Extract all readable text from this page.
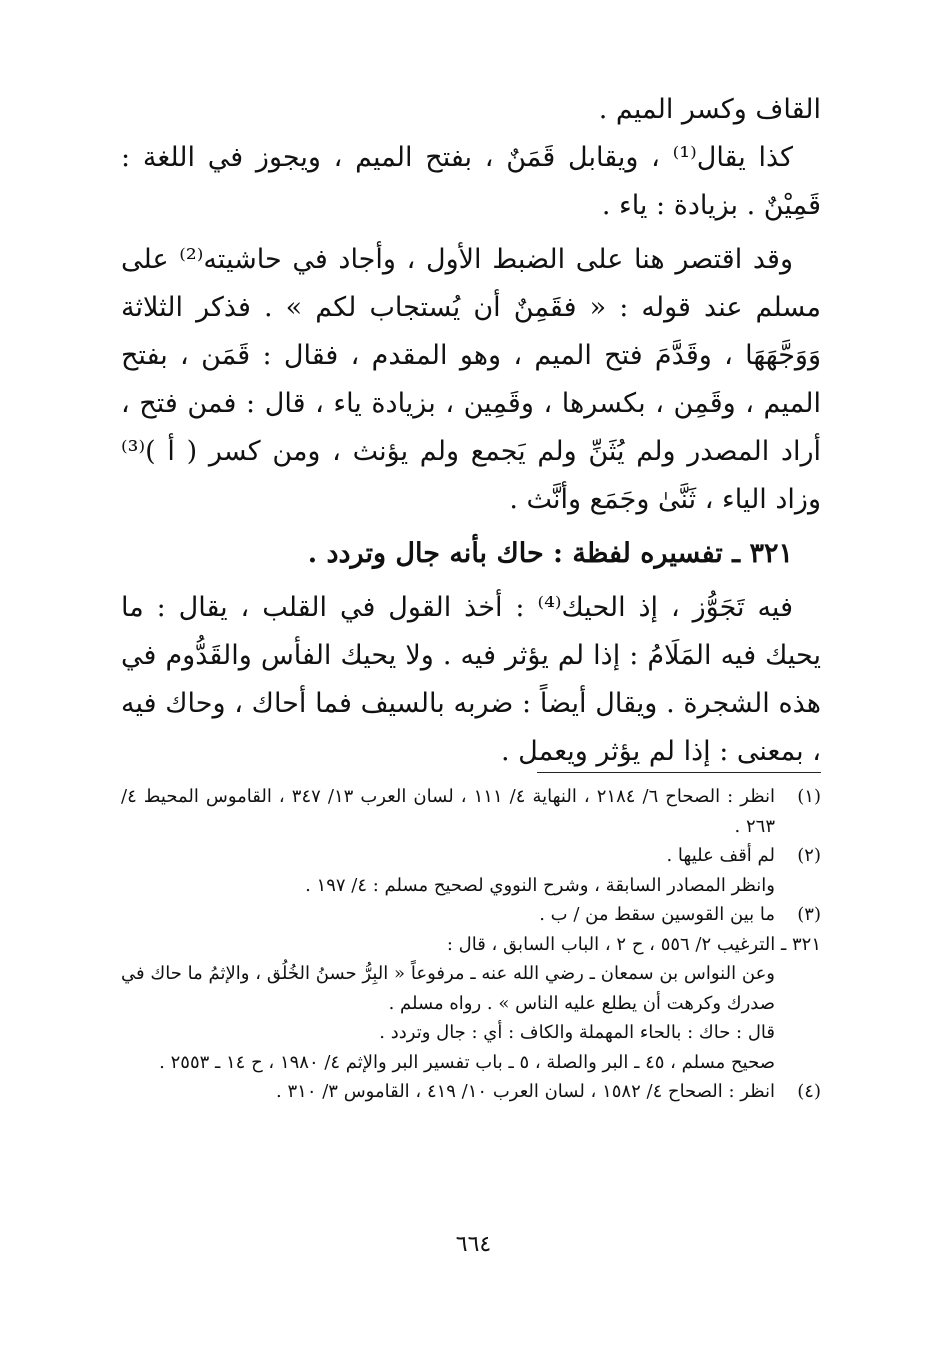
القاف وكسر الميم .

كذا يقال⁽¹⁾ ، ويقابل قَمَنٌ ، بفتح الميم ، ويجوز في اللغة : قَمِيْنٌ . بزيادة : ياء .

وقد اقتصر هنا على الضبط الأول ، وأجاد في حاشيته⁽²⁾ على مسلم عند قوله : « فقَمِنٌ أن يُستجاب لكم » . فذكر الثلاثة وَوَجَّهَهَا ، وقَدَّمَ فتح الميم ، وهو المقدم ، فقال : قَمَن ، بفتح الميم ، وقَمِن ، بكسرها ، وقَمِين ، بزيادة ياء ، قال : فمن فتح ، أراد المصدر ولم يُثَنِّ ولم يَجمع ولم يؤنث ، ومن كسر ( أ )⁽³⁾ وزاد الياء ، ثَنَّىٰ وجَمَع وأنَّث .

٣٢١ ـ تفسيره لفظة : حاك بأنه جال وتردد .

فيه تَجَوُّز ، إذ الحيك⁽⁴⁾ : أخذ القول في القلب ، يقال : ما يحيك فيه المَلَامُ : إذا لم يؤثر فيه . ولا يحيك الفأس والقَدُّوم في هذه الشجرة . ويقال أيضاً : ضربه بالسيف فما أحاك ، وحاك فيه ، بمعنى : إذا لم يؤثر ويعمل .

(١)
انظر : الصحاح ٦/ ٢١٨٤ ، النهاية ٤/ ١١١ ، لسان العرب ١٣/ ٣٤٧ ، القاموس المحيط ٤/ ٢٦٣ .
(٢)
لم أقف عليها .
وانظر المصادر السابقة ، وشرح النووي لصحيح مسلم : ٤/ ١٩٧ .
(٣)
ما بين القوسين سقط من / ب .
٣٢١ ـ الترغيب ٢/ ٥٥٦ ، ح ٢ ، الباب السابق ، قال :
وعن النواس بن سمعان ـ رضي الله عنه ـ مرفوعاً « البِرُّ حسنُ الخُلُق ، والإثمُ ما حاك في صدرك وكرهت أن يطلع عليه الناس » . رواه مسلم .
قال : حاك : بالحاء المهملة والكاف : أي : جال وتردد .
صحيح مسلم ، ٤٥ ـ البر والصلة ، ٥ ـ باب تفسير البر والإثم ٤/ ١٩٨٠ ، ح ١٤ ـ ٢٥٥٣ .
(٤)
انظر : الصحاح ٤/ ١٥٨٢ ، لسان العرب ١٠/ ٤١٩ ، القاموس ٣/ ٣١٠ .
٦٦٤
